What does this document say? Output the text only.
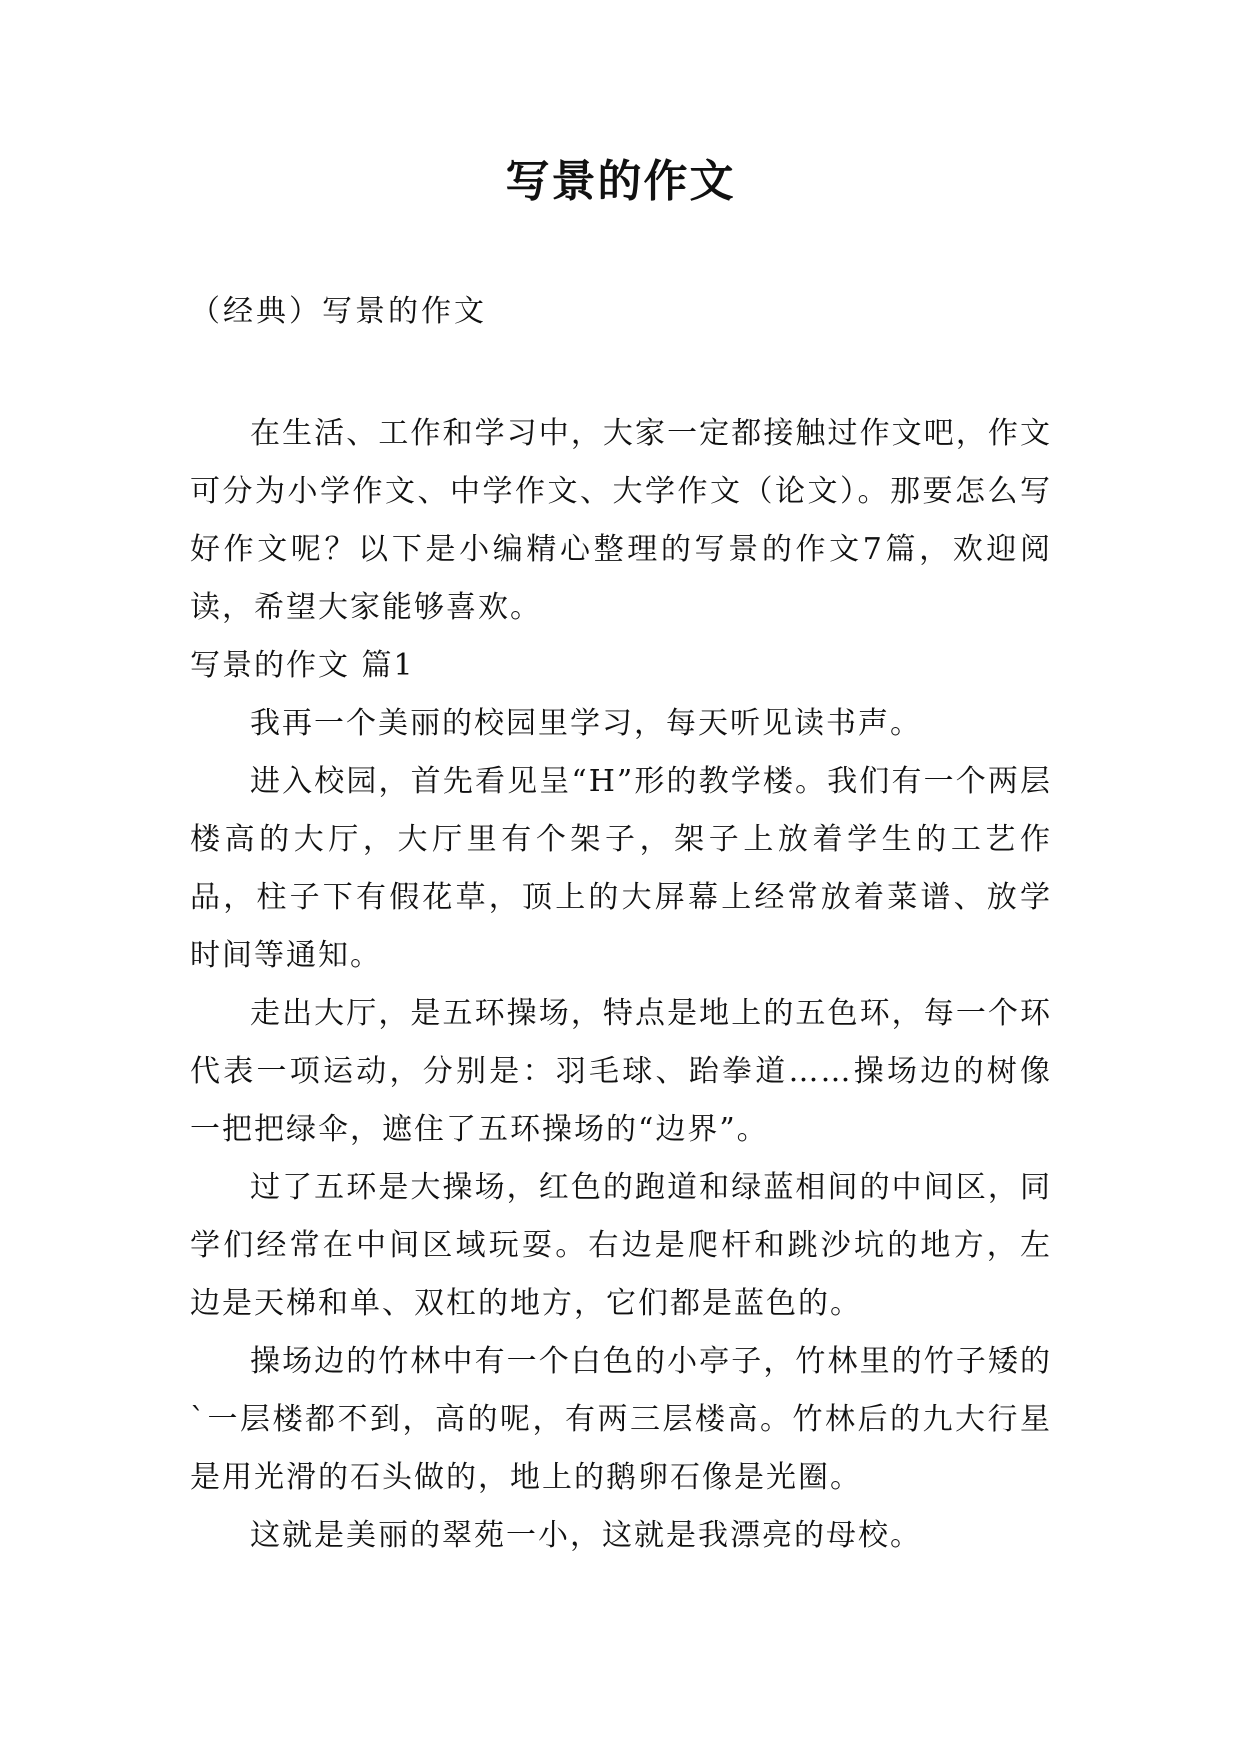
写景的作文
（经典）写景的作文

在生活、工作和学习中，大家一定都接触过作文吧，作文可分为小学作文、中学作文、大学作文（论文）。那要怎么写好作文呢？以下是小编精心整理的写景的作文7篇，欢迎阅读，希望大家能够喜欢。

写景的作文 篇1

我再一个美丽的校园里学习，每天听见读书声。

进入校园，首先看见呈“H”形的教学楼。我们有一个两层楼高的大厅，大厅里有个架子，架子上放着学生的工艺作品，柱子下有假花草，顶上的大屏幕上经常放着菜谱、放学时间等通知。

走出大厅，是五环操场，特点是地上的五色环，每一个环代表一项运动，分别是：羽毛球、跆拳道……操场边的树像一把把绿伞，遮住了五环操场的“边界”。

过了五环是大操场，红色的跑道和绿蓝相间的中间区，同学们经常在中间区域玩耍。右边是爬杆和跳沙坑的地方，左边是天梯和单、双杠的地方，它们都是蓝色的。

操场边的竹林中有一个白色的小亭子，竹林里的竹子矮的`一层楼都不到，高的呢，有两三层楼高。竹林后的九大行星是用光滑的石头做的，地上的鹅卵石像是光圈。

这就是美丽的翠苑一小，这就是我漂亮的母校。
